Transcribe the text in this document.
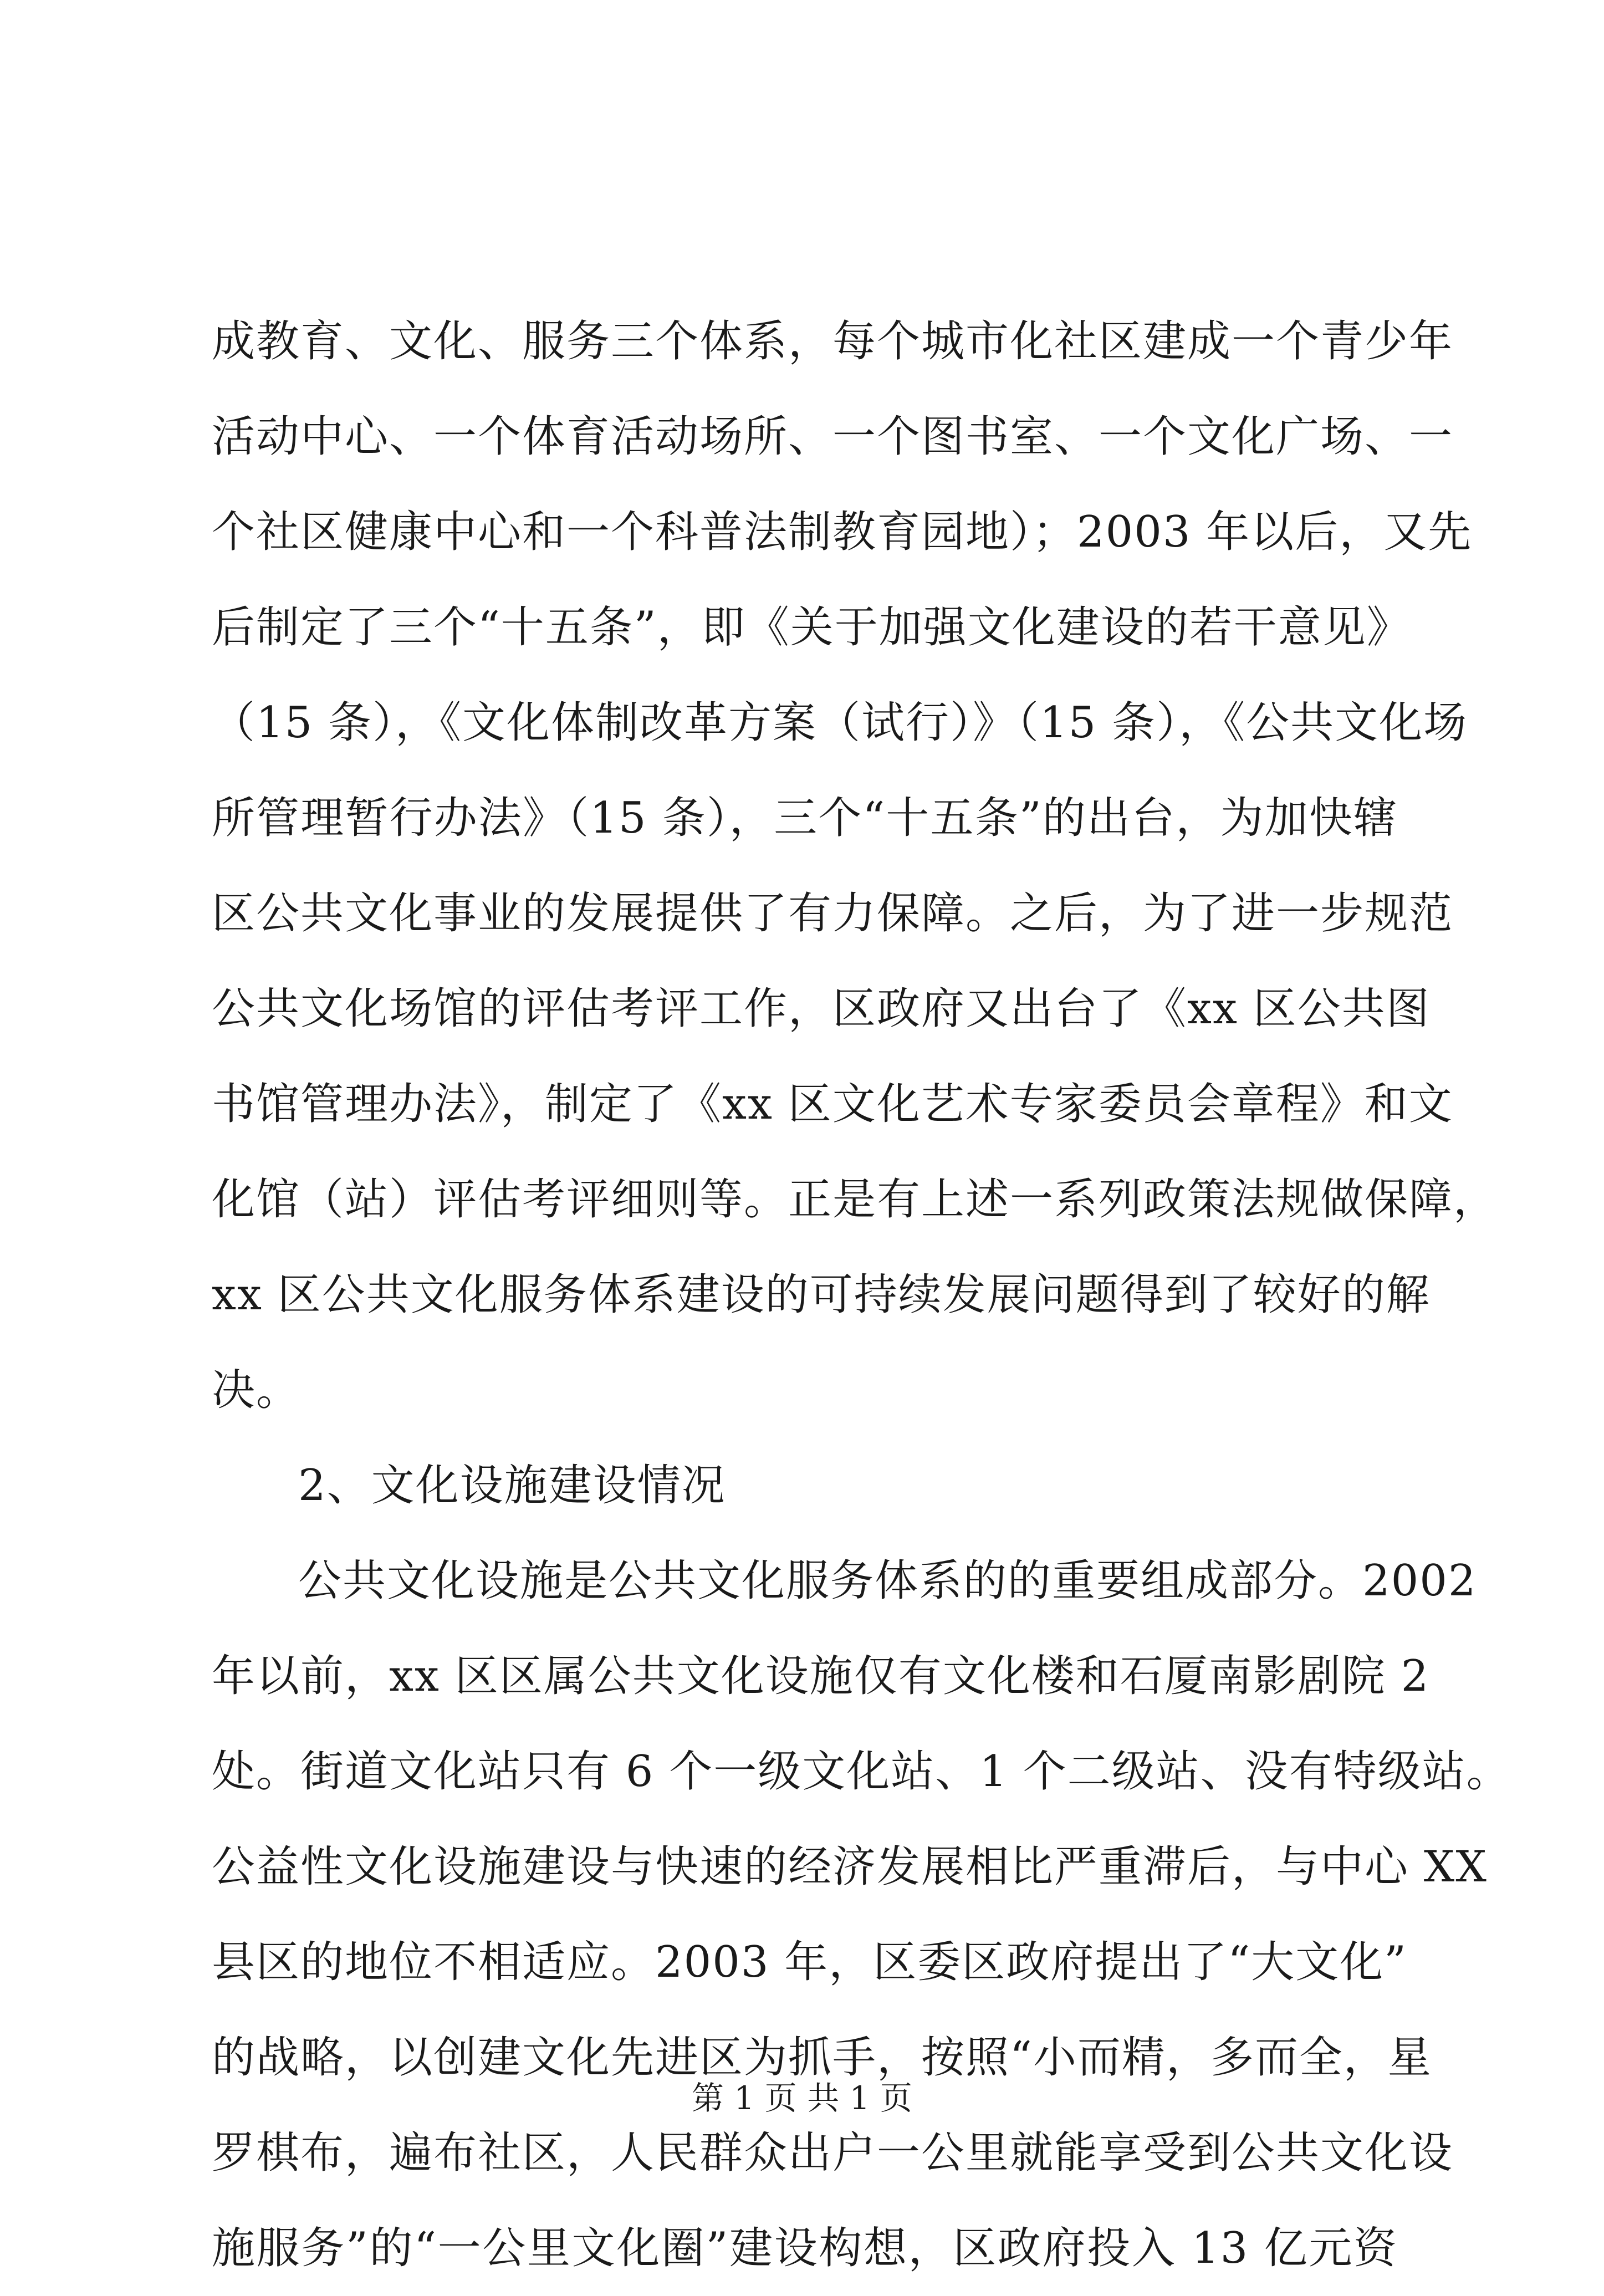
成教育、文化、服务三个体系，每个城市化社区建成一个青少年
活动中心、一个体育活动场所、一个图书室、一个文化广场、一
个社区健康中心和一个科普法制教育园地）；2003 年以后，又先
后制定了三个“十五条”，即《关于加强文化建设的若干意见》
（15 条），《文化体制改革方案（试行）》（15 条），《公共文化场
所管理暂行办法》（15 条），三个“十五条”的出台，为加快辖
区公共文化事业的发展提供了有力保障。之后，为了进一步规范
公共文化场馆的评估考评工作，区政府又出台了《xx 区公共图
书馆管理办法》，制定了《xx 区文化艺术专家委员会章程》和文
化馆（站）评估考评细则等。正是有上述一系列政策法规做保障，
xx 区公共文化服务体系建设的可持续发展问题得到了较好的解
决。
2、文化设施建设情况
公共文化设施是公共文化服务体系的的重要组成部分。2002
年以前，xx 区区属公共文化设施仅有文化楼和石厦南影剧院 2
处。街道文化站只有 6 个一级文化站、1 个二级站、没有特级站。
公益性文化设施建设与快速的经济发展相比严重滞后，与中心 XX
县区的地位不相适应。2003 年，区委区政府提出了“大文化”
的战略，以创建文化先进区为抓手，按照“小而精，多而全，星
罗棋布，遍布社区，人民群众出户一公里就能享受到公共文化设
施服务”的“一公里文化圈”建设构想，区政府投入 13 亿元资
第 1 页 共 1 页
